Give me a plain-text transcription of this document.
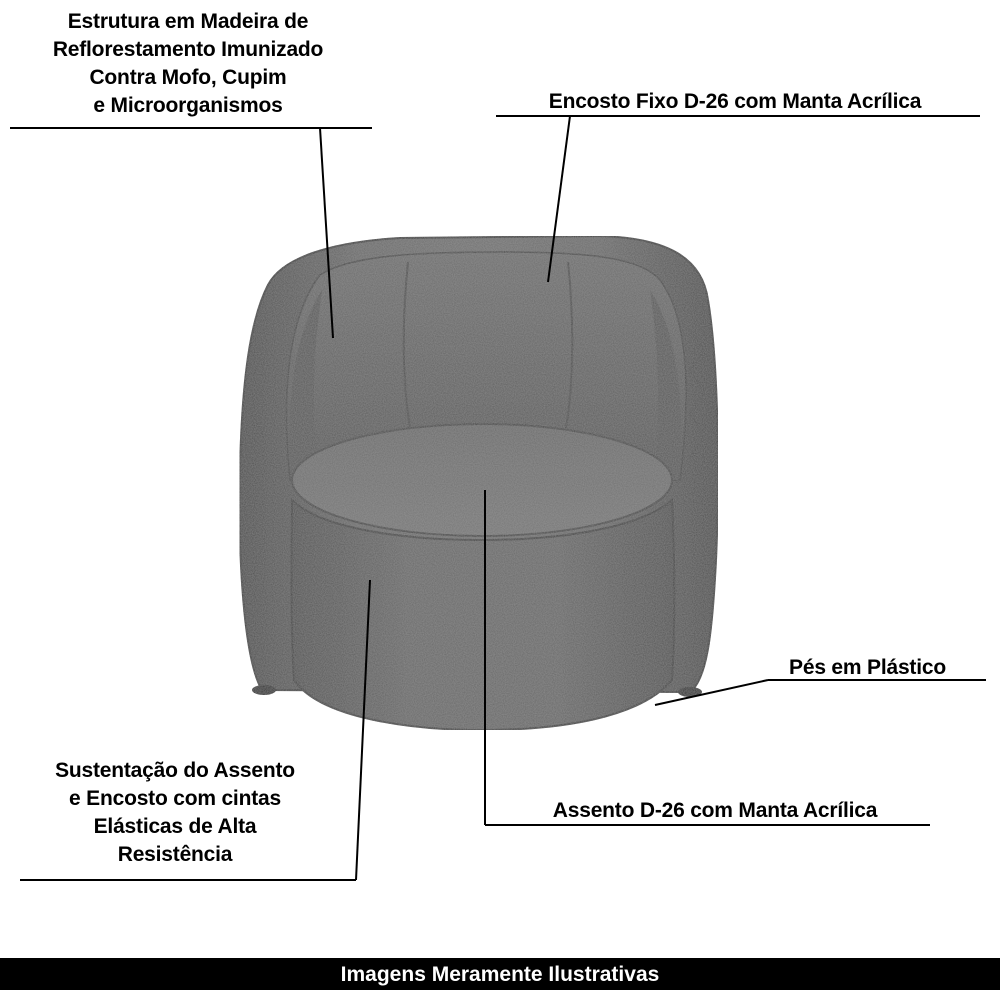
Estrutura em Madeira de
Reflorestamento Imunizado
Contra Mofo, Cupim
e Microorganismos	Encosto Fixo D-26 com Manta Acrílica
Pés em Plástico
Sustentação do Assento
e Encosto com cintas
Elásticas de Alta
Resistência
Assento D-26 com Manta Acrílica
Imagens Meramente Ilustrativas
